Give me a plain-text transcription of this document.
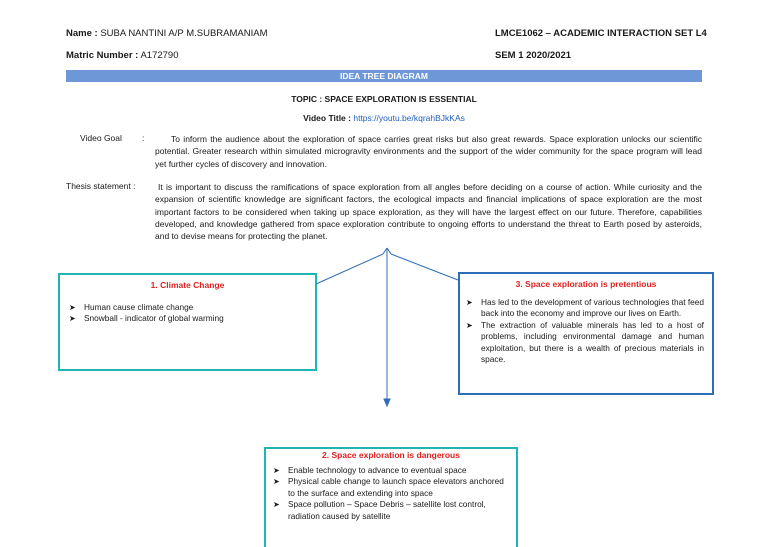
Name : SUBA NANTINI A/P M.SUBRAMANIAM	LMCE1062 – ACADEMIC INTERACTION SET L4
Matric Number : A172790	SEM 1 2020/2021
IDEA TREE DIAGRAM
TOPIC : SPACE EXPLORATION IS ESSENTIAL
Video Title : https://youtu.be/kqrahBJkKAs
Video Goal :	To inform the audience about the exploration of space carries great risks but also great rewards. Space exploration unlocks our scientific potential. Greater research within simulated microgravity environments and the support of the wider community for the space program will lead yet further cycles of discovery and innovation.
Thesis statement :	It is important to discuss the ramifications of space exploration from all angles before deciding on a course of action. While curiosity and the expansion of scientific knowledge are significant factors, the ecological impacts and financial implications of space exploration are the most important factors to be considered when taking up space exploration, as they will have the largest effect on our future. Therefore, capabilities developed, and knowledge gathered from space exploration contribute to ongoing efforts to understand the threat to Earth posed by asteroids, and to devise means for protecting the planet.
1. Climate Change
➤ Human cause climate change
➤ Snowball - indicator of global warming
3. Space exploration is pretentious
➤ Has led to the development of various technologies that feed back into the economy and improve our lives on Earth.
➤ The extraction of valuable minerals has led to a host of problems, including environmental damage and human exploitation, but there is a wealth of precious materials in space.
2. Space exploration is dangerous
➤ Enable technology to advance to eventual space
➤ Physical cable change to launch space elevators anchored to the surface and extending into space
➤ Space pollution – Space Debris – satellite lost control, radiation caused by satellite
